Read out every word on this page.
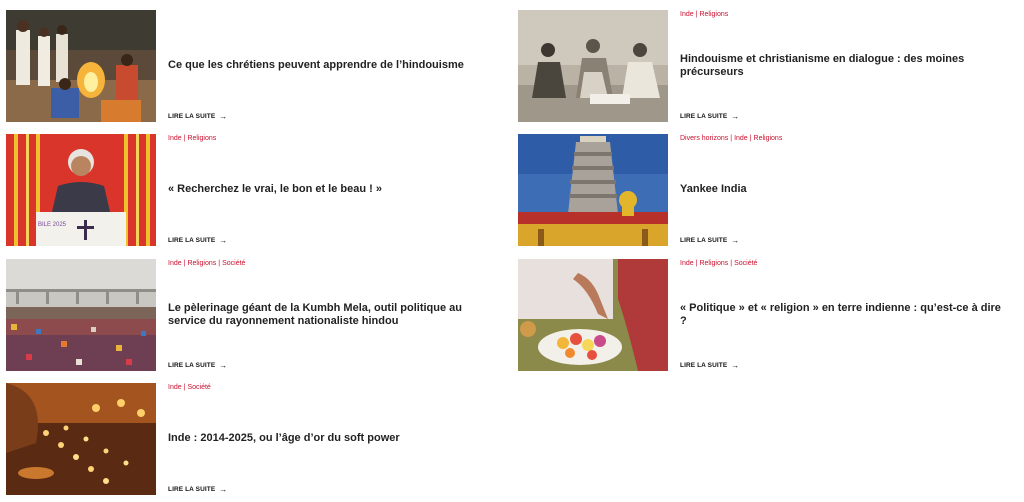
Ce que les chrétiens peuvent apprendre de l’hindouisme
LIRE LA SUITE →
Inde | Religions
Hindouisme et christianisme en dialogue : des moines précurseurs
LIRE LA SUITE →
BILE 2025
Inde | Religions
« Recherchez le vrai, le bon et le beau ! »
LIRE LA SUITE →
Divers horizons | Inde | Religions
Yankee India
LIRE LA SUITE →
Inde | Religions | Société
Le pèlerinage géant de la Kumbh Mela, outil politique au service du rayonnement nationaliste hindou
LIRE LA SUITE →
Inde | Religions | Société
« Politique » et « religion » en terre indienne : qu’est-ce à dire ?
LIRE LA SUITE →
Inde | Société
Inde : 2014-2025, ou l’âge d’or du soft power
LIRE LA SUITE →
